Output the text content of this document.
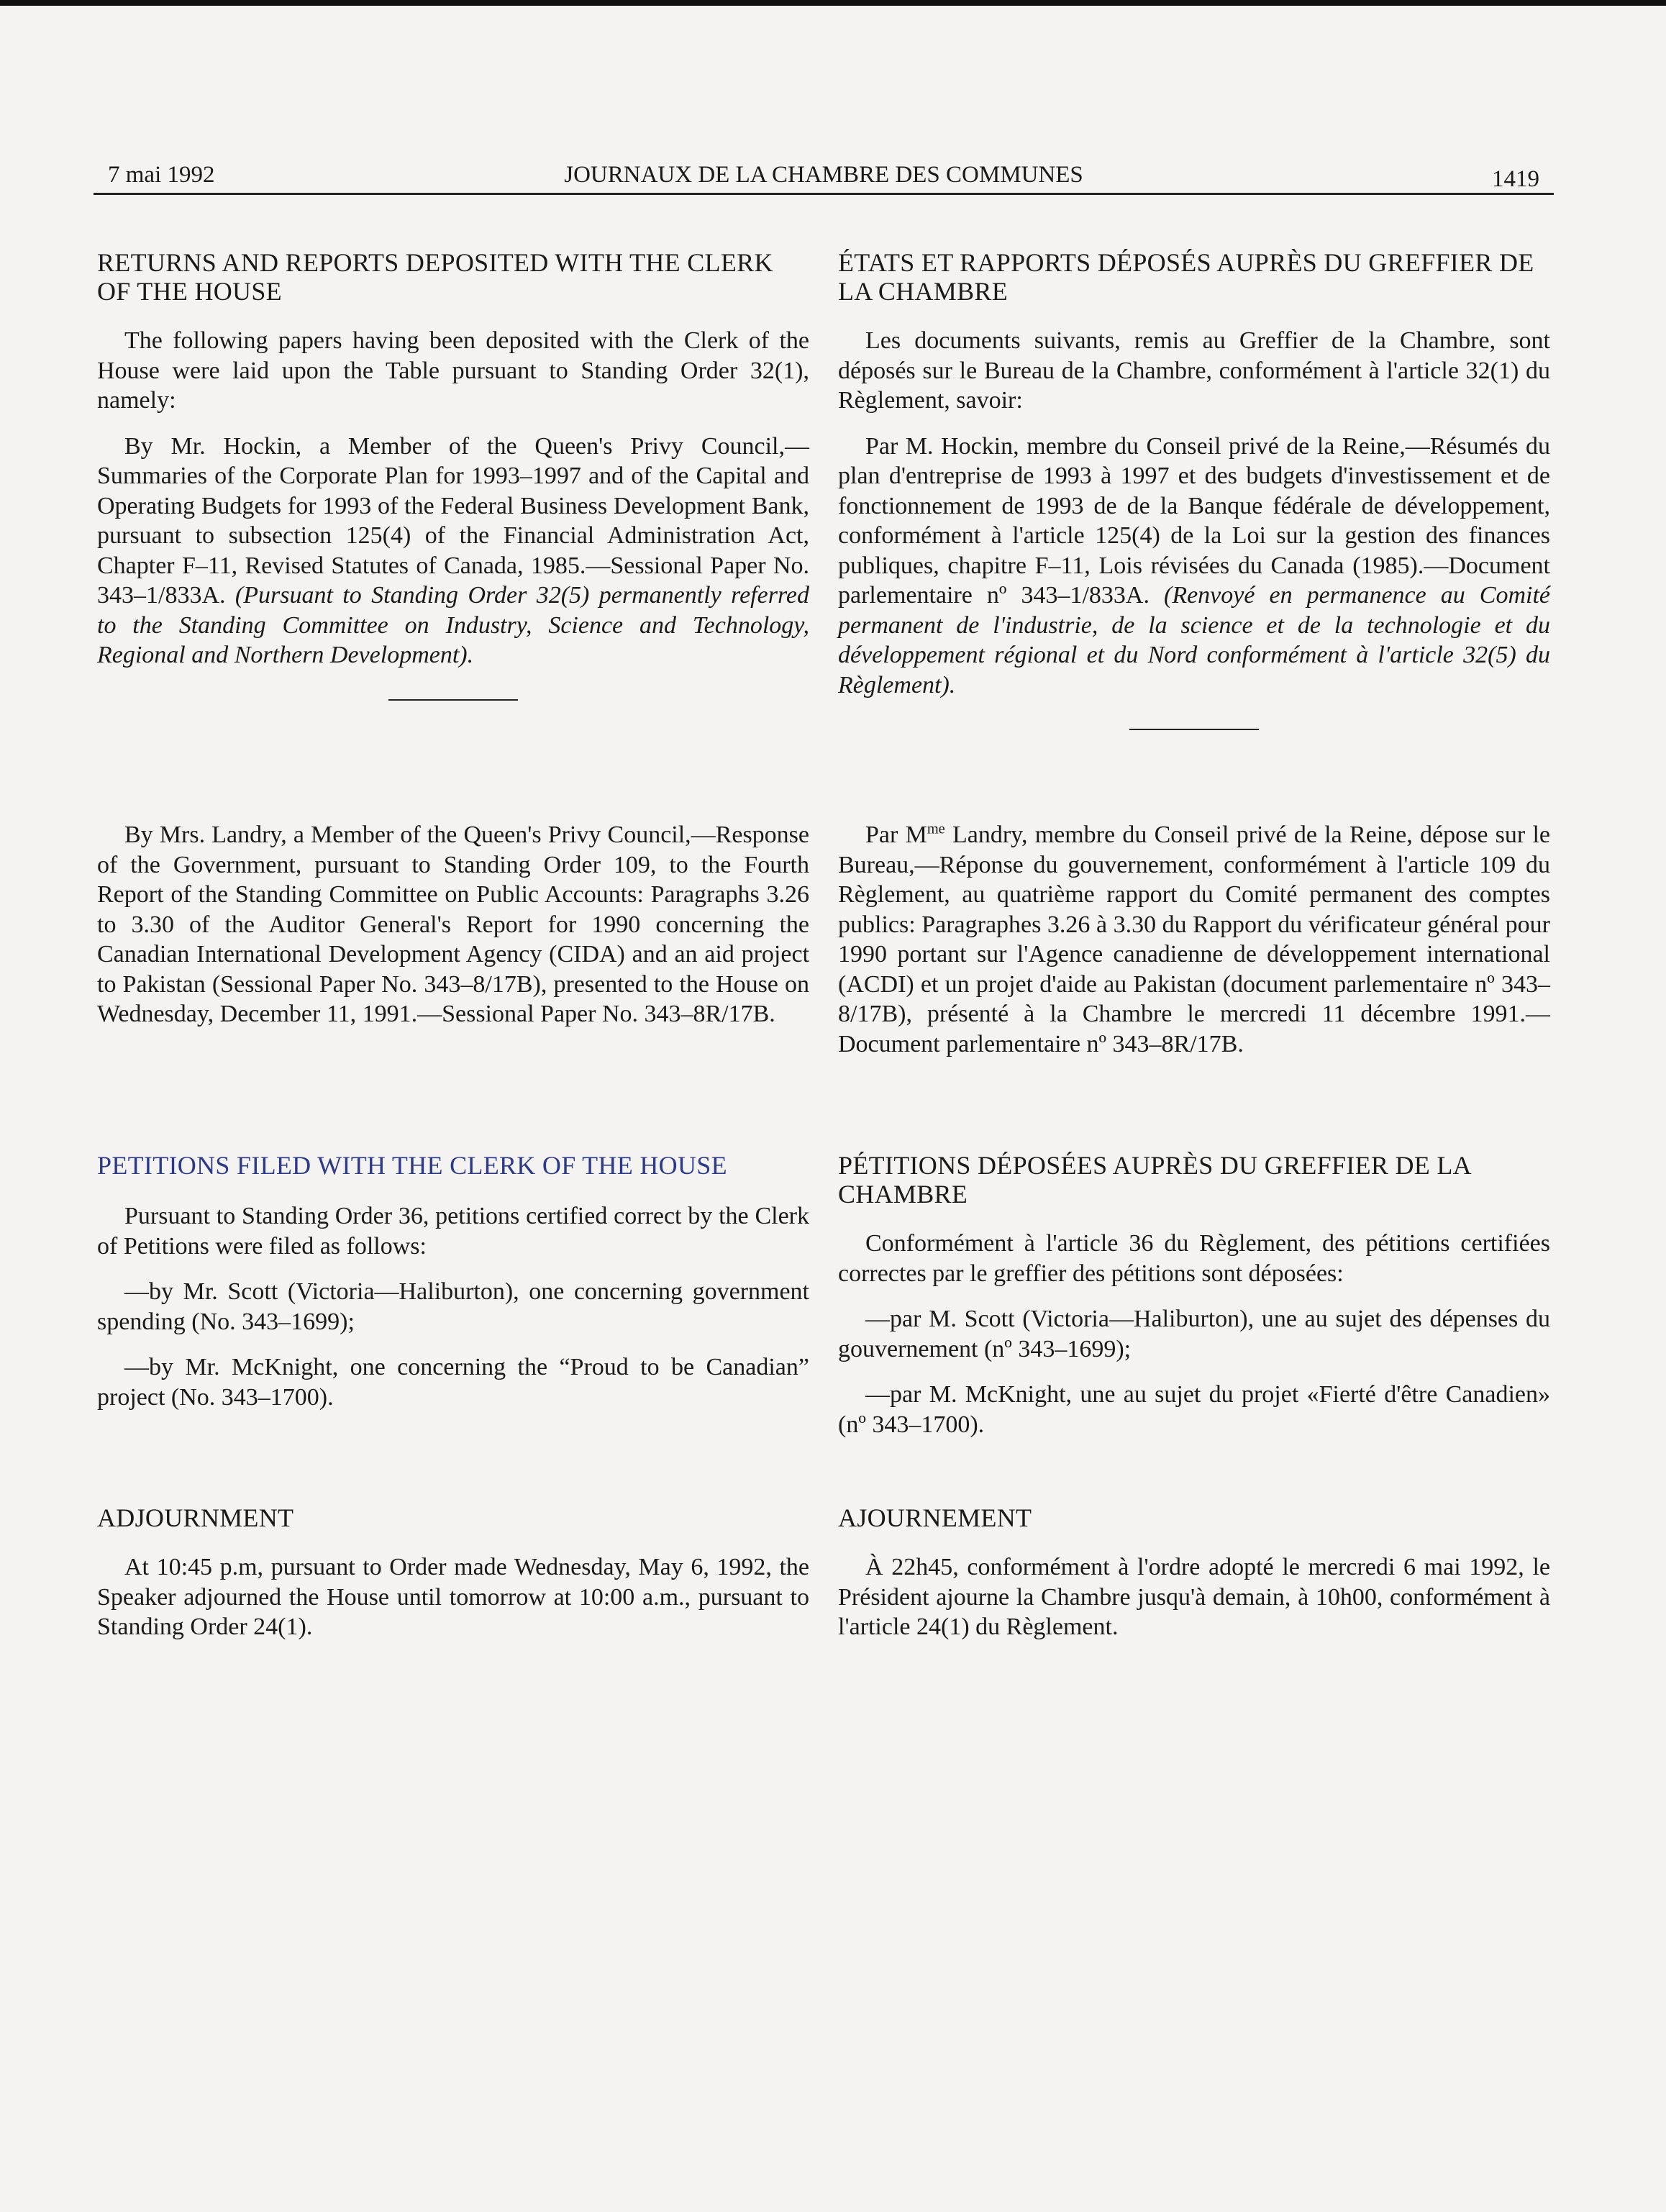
7 mai 1992	JOURNAUX DE LA CHAMBRE DES COMMUNES	1419
RETURNS AND REPORTS DEPOSITED WITH THE CLERK OF THE HOUSE

The following papers having been deposited with the Clerk of the House were laid upon the Table pursuant to Standing Order 32(1), namely:

By Mr. Hockin, a Member of the Queen's Privy Council,—Summaries of the Corporate Plan for 1993–1997 and of the Capital and Operating Budgets for 1993 of the Federal Business Development Bank, pursuant to subsection 125(4) of the Financial Administration Act, Chapter F–11, Revised Statutes of Canada, 1985.—Sessional Paper No. 343–1/833A. (Pursuant to Standing Order 32(5) permanently referred to the Standing Committee on Industry, Science and Technology, Regional and Northern Development).

By Mrs. Landry, a Member of the Queen's Privy Council,—Response of the Government, pursuant to Standing Order 109, to the Fourth Report of the Standing Committee on Public Accounts: Paragraphs 3.26 to 3.30 of the Auditor General's Report for 1990 concerning the Canadian International Development Agency (CIDA) and an aid project to Pakistan (Sessional Paper No. 343–8/17B), presented to the House on Wednesday, December 11, 1991.—Sessional Paper No. 343–8R/17B.

PETITIONS FILED WITH THE CLERK OF THE HOUSE

Pursuant to Standing Order 36, petitions certified correct by the Clerk of Petitions were filed as follows:

—by Mr. Scott (Victoria—Haliburton), one concerning government spending (No. 343–1699);

—by Mr. McKnight, one concerning the “Proud to be Canadian” project (No. 343–1700).

ADJOURNMENT

At 10:45 p.m, pursuant to Order made Wednesday, May 6, 1992, the Speaker adjourned the House until tomorrow at 10:00 a.m., pursuant to Standing Order 24(1).

ÉTATS ET RAPPORTS DÉPOSÉS AUPRÈS DU GREFFIER DE LA CHAMBRE

Les documents suivants, remis au Greffier de la Chambre, sont déposés sur le Bureau de la Chambre, conformément à l'article 32(1) du Règlement, savoir:

Par M. Hockin, membre du Conseil privé de la Reine,—Résumés du plan d'entreprise de 1993 à 1997 et des budgets d'investissement et de fonctionnement de 1993 de de la Banque fédérale de développement, conformément à l'article 125(4) de la Loi sur la gestion des finances publiques, chapitre F–11, Lois révisées du Canada (1985).—Document parlementaire nº 343–1/833A. (Renvoyé en permanence au Comité permanent de l'industrie, de la science et de la technologie et du développement régional et du Nord conformément à l'article 32(5) du Règlement).

Par $M^{me}$ Landry, membre du Conseil privé de la Reine, dépose sur le Bureau,—Réponse du gouvernement, conformément à l'article 109 du Règlement, au quatrième rapport du Comité permanent des comptes publics: Paragraphes 3.26 à 3.30 du Rapport du vérificateur général pour 1990 portant sur l'Agence canadienne de développement international (ACDI) et un projet d'aide au Pakistan (document parlementaire nº 343–8/17B), présenté à la Chambre le mercredi 11 décembre 1991.—Document parlementaire nº 343–8R/17B.

PÉTITIONS DÉPOSÉES AUPRÈS DU GREFFIER DE LA CHAMBRE

Conformément à l'article 36 du Règlement, des pétitions certifiées correctes par le greffier des pétitions sont déposées:

—par M. Scott (Victoria—Haliburton), une au sujet des dépenses du gouvernement (nº 343–1699);

—par M. McKnight, une au sujet du projet «Fierté d'être Canadien» (nº 343–1700).

AJOURNEMENT

À 22h45, conformément à l'ordre adopté le mercredi 6 mai 1992, le Président ajourne la Chambre jusqu'à demain, à 10h00, conformément à l'article 24(1) du Règlement.
